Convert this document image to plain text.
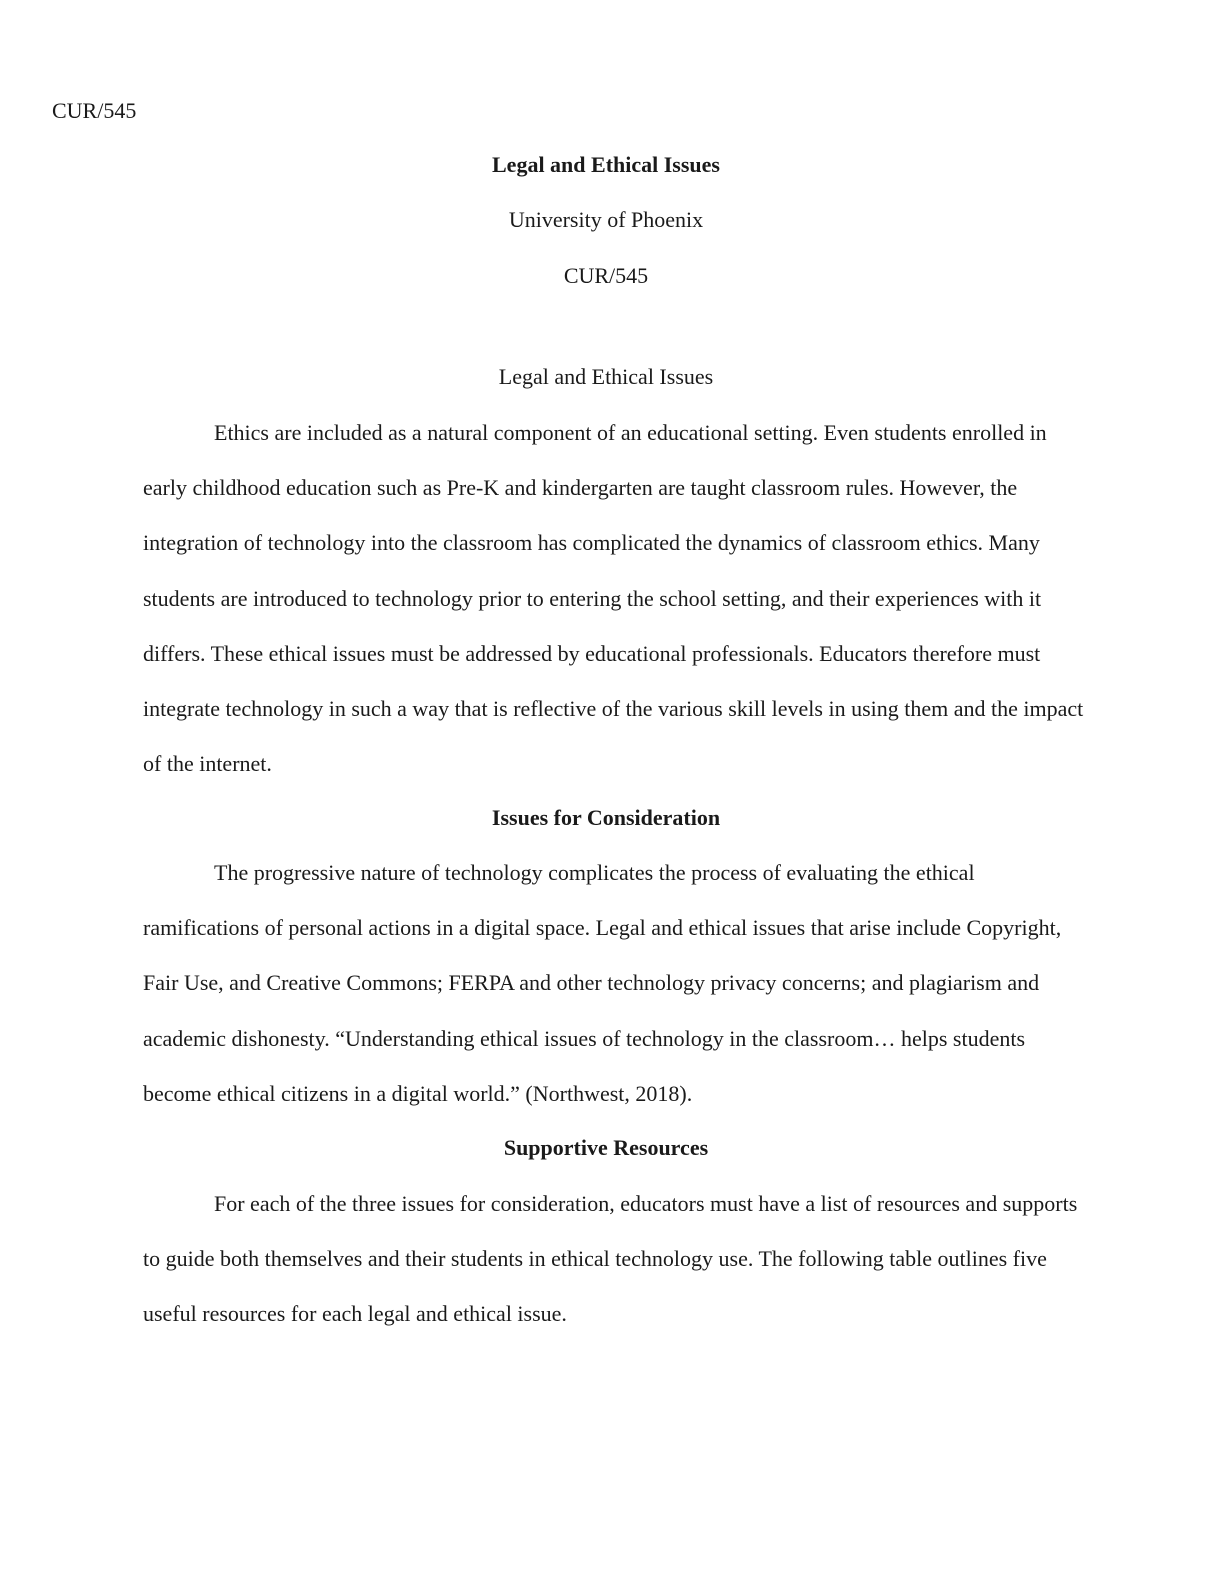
CUR/545

Legal and Ethical Issues

University of Phoenix

CUR/545

Legal and Ethical Issues

Ethics are included as a natural component of an educational setting. Even students enrolled in early childhood education such as Pre-K and kindergarten are taught classroom rules. However, the integration of technology into the classroom has complicated the dynamics of classroom ethics. Many students are introduced to technology prior to entering the school setting, and their experiences with it differs. These ethical issues must be addressed by educational professionals. Educators therefore must integrate technology in such a way that is reflective of the various skill levels in using them and the impact of the internet.

Issues for Consideration

The progressive nature of technology complicates the process of evaluating the ethical ramifications of personal actions in a digital space. Legal and ethical issues that arise include Copyright, Fair Use, and Creative Commons; FERPA and other technology privacy concerns; and plagiarism and academic dishonesty. “Understanding ethical issues of technology in the classroom… helps students become ethical citizens in a digital world.” (Northwest, 2018).

Supportive Resources

For each of the three issues for consideration, educators must have a list of resources and supports to guide both themselves and their students in ethical technology use. The following table outlines five useful resources for each legal and ethical issue.
